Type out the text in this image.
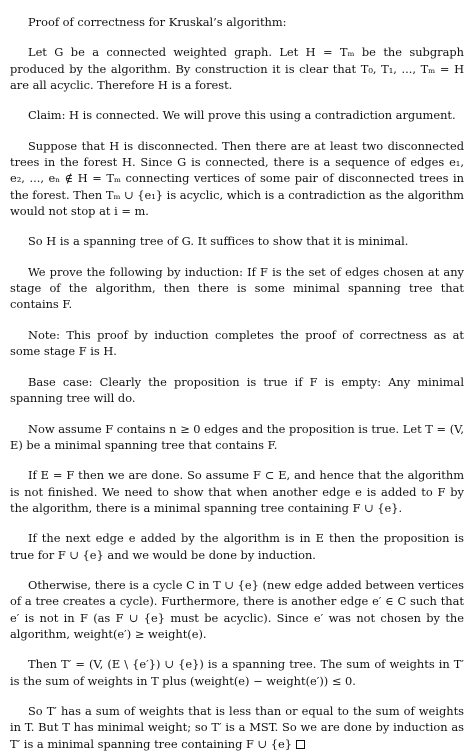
Proof of correctness for Kruskal’s algorithm:

Let G be a connected weighted graph. Let H = Tₘ be the subgraph produced by the algorithm. By construction it is clear that T₀, T₁, ..., Tₘ = H are all acyclic. Therefore H is a forest.

Claim: H is connected. We will prove this using a contradiction argument.

Suppose that H is disconnected. Then there are at least two disconnected trees in the forest H. Since G is connected, there is a sequence of edges e₁, e₂, ..., eₙ ∉ H = Tₘ connecting vertices of some pair of disconnected trees in the forest. Then Tₘ ∪ {e₁} is acyclic, which is a contradiction as the algorithm would not stop at i = m.

So H is a spanning tree of G. It suffices to show that it is minimal.

We prove the following by induction: If F is the set of edges chosen at any stage of the algorithm, then there is some minimal spanning tree that contains F.

Note: This proof by induction completes the proof of correctness as at some stage F is H.

Base case: Clearly the proposition is true if F is empty: Any minimal spanning tree will do.

Now assume F contains n ≥ 0 edges and the proposition is true. Let T = (V, E) be a minimal spanning tree that contains F.

If E = F then we are done. So assume F ⊂ E, and hence that the algorithm is not finished. We need to show that when another edge e is added to F by the algorithm, there is a minimal spanning tree containing F ∪ {e}.

If the next edge e added by the algorithm is in E then the proposition is true for F ∪ {e} and we would be done by induction.

Otherwise, there is a cycle C in T ∪ {e} (new edge added between vertices of a tree creates a cycle). Furthermore, there is another edge e′ ∈ C such that e′ is not in F (as F ∪ {e} must be acyclic). Since e′ was not chosen by the algorithm, weight(e′) ≥ weight(e).

Then T′ = (V, (E \ {e′}) ∪ {e}) is a spanning tree. The sum of weights in T′ is the sum of weights in T plus (weight(e) − weight(e′)) ≤ 0.

So T′ has a sum of weights that is less than or equal to the sum of weights in T. But T has minimal weight; so T′ is a MST. So we are done by induction as T′ is a minimal spanning tree containing F ∪ {e}
